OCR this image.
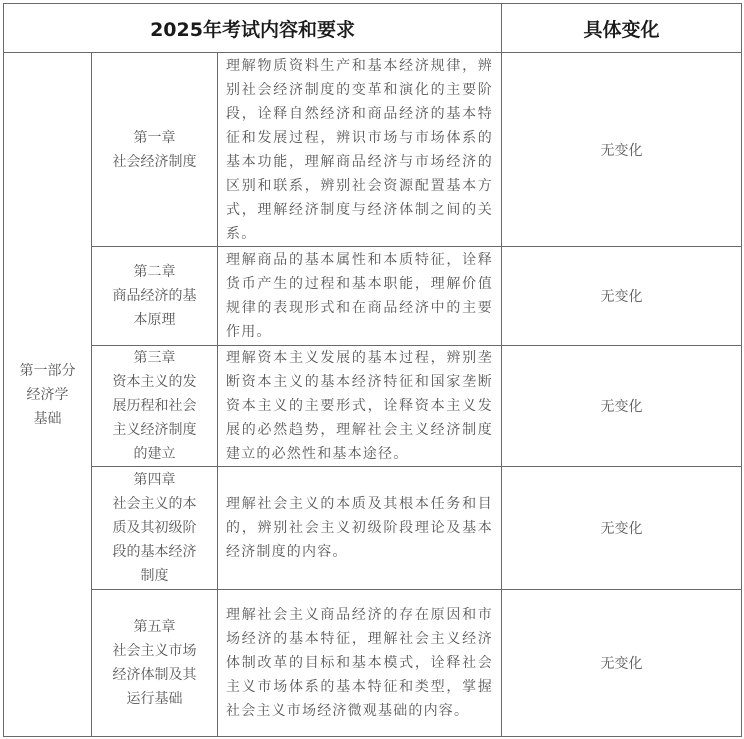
2025年考试内容和要求			具体变化

第一部分
经济学
基础	第一章
社会经济制度	理解物质资料生产和基本经济规律，辨别社会经济制度的变革和演化的主要阶段，诠释自然经济和商品经济的基本特征和发展过程，辨识市场与市场体系的基本功能，理解商品经济与市场经济的区别和联系，辨别社会资源配置基本方式，理解经济制度与经济体制之间的关系。	无变化

	第二章
商品经济的基
本原理	理解商品的基本属性和本质特征，诠释货币产生的过程和基本职能，理解价值规律的表现形式和在商品经济中的主要作用。	无变化

	第三章
资本主义的发
展历程和社会
主义经济制度
的建立	理解资本主义发展的基本过程，辨别垄断资本主义的基本经济特征和国家垄断资本主义的主要形式，诠释资本主义发展的必然趋势，理解社会主义经济制度建立的必然性和基本途径。	无变化

	第四章
社会主义的本
质及其初级阶
段的基本经济
制度	理解社会主义的本质及其根本任务和目的，辨别社会主义初级阶段理论及基本经济制度的内容。	无变化

	第五章
社会主义市场
经济体制及其
运行基础	理解社会主义商品经济的存在原因和市场经济的基本特征，理解社会主义经济体制改革的目标和基本模式，诠释社会主义市场体系的基本特征和类型，掌握社会主义市场经济微观基础的内容。	无变化
